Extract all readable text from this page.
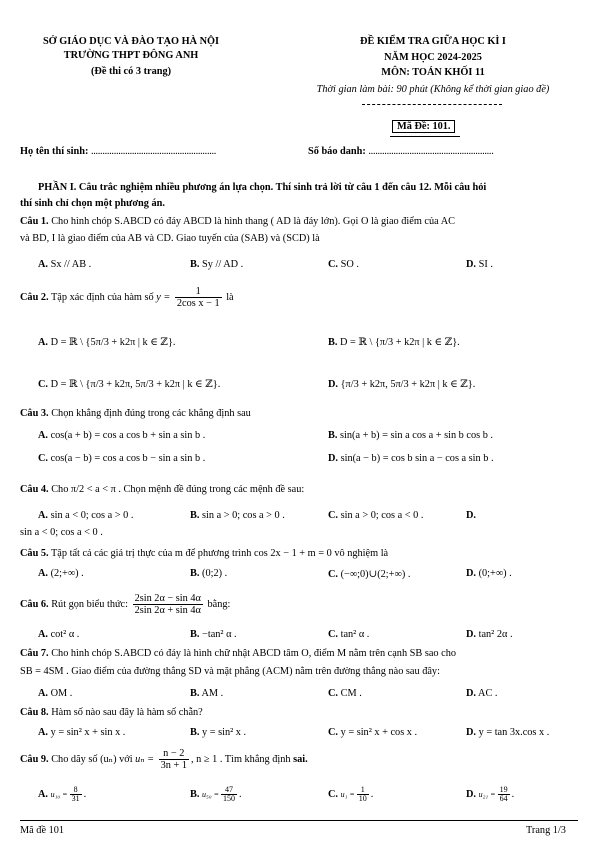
SỞ GIÁO DỤC VÀ ĐÀO TẠO HÀ NỘI
TRƯỜNG THPT ĐÔNG ANH
(Đề thi có 3 trang)
ĐỀ KIỂM TRA GIỮA HỌC KÌ I
NĂM HỌC 2024-2025
MÔN: TOÁN KHỐI 11
Thời gian làm bài: 90 phút (Không kể thời gian giao đề)
Mã Đề: 101.
Họ tên thí sinh: .......................................................	Số báo danh: .......................................................
PHẦN I. Câu trắc nghiệm nhiều phương án lựa chọn. Thí sinh trả lời từ câu 1 đến câu 12. Mỗi câu hỏi
thí sinh chỉ chọn một phương án.
Câu 1. Cho hình chóp S.ABCD có đáy ABCD là hình thang ( AD là đáy lớn). Gọi O là giao điểm của AC
và BD, I là giao điểm của AB và CD. Giao tuyến của (SAB) và (SCD) là
A. Sx // AB .	B. Sy // AD .	C. SO .	D. SI .
Câu 2. Tập xác định của hàm số $y = \frac{1}{\text{2cos x − 1}}$ là
A. D = ℝ \ {5π/3 + k2π | k ∈ ℤ}.	B. D = ℝ \ {π/3 + k2π | k ∈ ℤ}.
C. D = ℝ \ {π/3 + k2π, 5π/3 + k2π | k ∈ ℤ}.	D. {π/3 + k2π, 5π/3 + k2π | k ∈ ℤ}.
Câu 3. Chọn khẳng định đúng trong các khẳng định sau
A. cos(a + b) = cos a cos b + sin a sin b .	B. sin(a + b) = sin a cos a + sin b cos b .
C. cos(a − b) = cos a cos b − sin a sin b .	D. sin(a − b) = cos b sin a − cos a sin b .
Câu 4. Cho π/2 < a < π . Chọn mệnh đề đúng trong các mệnh đề sau:
A. sin a < 0; cos a > 0 .	B. sin a > 0; cos a > 0 .	C. sin a > 0; cos a < 0 .	D.
sin a < 0; cos a < 0 .
Câu 5. Tập tất cả các giá trị thực của m để phương trình cos 2x − 1 + m = 0 vô nghiệm là
A. (2;+∞) .	B. (0;2) .	C. (−∞;0)∪(2;+∞) .	D. (0;+∞) .
Câu 6. Rút gọn biểu thức: $\frac{2\sin 2\alpha - \sin 4\alpha}{2\sin 2\alpha + \sin 4\alpha}$ bằng:
A. cot² α .	B. −tan² α .	C. tan² α .	D. tan² 2α .
Câu 7. Cho hình chóp S.ABCD có đáy là hình chữ nhật ABCD tâm O, điểm M nằm trên cạnh SB sao cho
SB = 4SM . Giao điểm của đường thẳng SD và mặt phẳng (ACM) nằm trên đường thẳng nào sau đây:
A. OM .	B. AM .	C. CM .	D. AC .
Câu 8. Hàm số nào sau đây là hàm số chẵn?
A. y = sin² x + sin x .	B. y = sin² x .	C. y = sin² x + cos x .	D. y = tan 3x.cos x .
Câu 9. Cho dãy số (uₙ) với $u_n = \frac{n - 2}{3n + 1}$ , n ≥ 1 . Tìm khẳng định sai.
A. $u_{10} = \frac{8}{31}$ .	B. $u_{50} = \frac{47}{150}$ .	C. $u_1 = \frac{1}{10}$ .	D. $u_{21} = \frac{19}{64}$ .
Mã đề 101	Trang 1/3
